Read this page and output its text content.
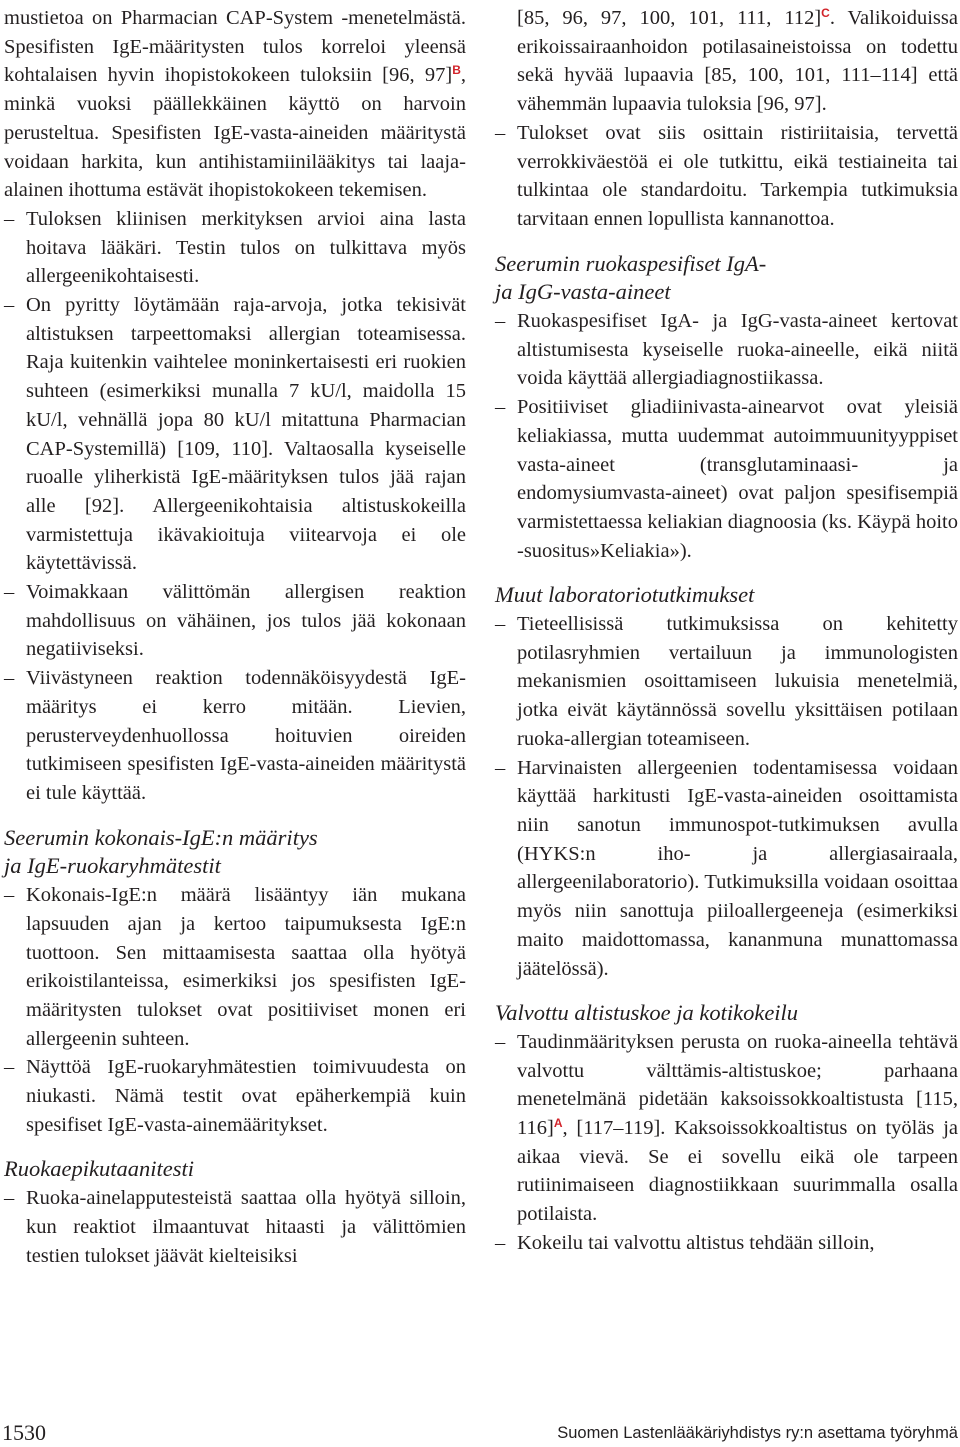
mustietoa on Pharmacian CAP-System -menetelmästä. Spesifisten IgE-määritysten tulos korreloi yleensä kohtalaisen hyvin ihopistokokeen tuloksiin [96, 97]$^B$, minkä vuoksi päällekkäinen käyttö on harvoin perusteltua. Spesifisten IgE-vasta-aineiden määritystä voidaan harkita, kun antihistamiinilääkitys tai laaja-alainen ihottuma estävät ihopistokokeen tekemisen.

– Tuloksen kliinisen merkityksen arvioi aina lasta hoitava lääkäri. Testin tulos on tulkittava myös allergeenikohtaisesti.
– On pyritty löytämään raja-arvoja, jotka tekisivät altistuksen tarpeettomaksi allergian toteamisessa. Raja kuitenkin vaihtelee moninkertaisesti eri ruokien suhteen (esimerkiksi munalla 7 kU/l, maidolla 15 kU/l, vehnällä jopa 80 kU/l mitattuna Pharmacian CAP-Systemillä) [109, 110]. Valtaosalla kyseiselle ruoalle yliherkistä IgE-määrityksen tulos jää rajan alle [92]. Allergeenikohtaisia altistuskokeilla varmistettuja ikävakioituja viitearvoja ei ole käytettävissä.
– Voimakkaan välittömän allergisen reaktion mahdollisuus on vähäinen, jos tulos jää kokonaan negatiiviseksi.
– Viivästyneen reaktion todennäköisyydestä IgE-määritys ei kerro mitään. Lievien, perusterveydenhuollossa hoituvien oireiden tutkimiseen spesifisten IgE-vasta-aineiden määritystä ei tule käyttää.
Seerumin kokonais-IgE:n määritys
ja IgE-ruokaryhmätestit
– Kokonais-IgE:n määrä lisääntyy iän mukana lapsuuden ajan ja kertoo taipumuksesta IgE:n tuottoon. Sen mittaamisesta saattaa olla hyötyä erikoistilanteissa, esimerkiksi jos spesifisten IgE-määritysten tulokset ovat positiiviset monen eri allergeenin suhteen.
– Näyttöä IgE-ruokaryhmätestien toimivuudesta on niukasti. Nämä testit ovat epäherkempiä kuin spesifiset IgE-vasta-ainemääritykset.
Ruokaepikutaanitesti
– Ruoka-ainelapputesteistä saattaa olla hyötyä silloin, kun reaktiot ilmaantuvat hitaasti ja välittömien testien tulokset jäävät kielteisiksi

[85, 96, 97, 100, 101, 111, 112]$^C$. Valikoiduissa erikoissairaanhoidon potilasaineistoissa on todettu sekä hyvää lupaavia [85, 100, 101, 111–114] että vähemmän lupaavia tuloksia [96, 97].

– Tulokset ovat siis osittain ristiriitaisia, tervettä verrokkiväestöä ei ole tutkittu, eikä testiaineita tai tulkintaa ole standardoitu. Tarkempia tutkimuksia tarvitaan ennen lopullista kannanottoa.
Seerumin ruokaspesifiset IgA-
ja IgG-vasta-aineet
– Ruokaspesifiset IgA- ja IgG-vasta-aineet kertovat altistumisesta kyseiselle ruoka-aineelle, eikä niitä voida käyttää allergiadiagnostiikassa.
– Positiiviset gliadiinivasta-ainearvot ovat yleisiä keliakiassa, mutta uudemmat autoimmuunityyppiset vasta-aineet (transglutaminaasi- ja endomysiumvasta-aineet) ovat paljon spesifisempiä varmistettaessa keliakian diagnoosia (ks. Käypä hoito -suositus»Keliakia»).
Muut laboratoriotutkimukset
– Tieteellisissä tutkimuksissa on kehitetty potilasryhmien vertailuun ja immunologisten mekanismien osoittamiseen lukuisia menetelmiä, jotka eivät käytännössä sovellu yksittäisen potilaan ruoka-allergian toteamiseen.
– Harvinaisten allergeenien todentamisessa voidaan käyttää harkitusti IgE-vasta-aineiden osoittamista niin sanotun immunospot-tutkimuksen avulla (HYKS:n iho- ja allergiasairaala, allergeenilaboratorio). Tutkimuksilla voidaan osoittaa myös niin sanottuja piiloallergeeneja (esimerkiksi maito maidottomassa, kananmuna munattomassa jäätelössä).
Valvottu altistuskoe ja kotikokeilu
– Taudinmäärityksen perusta on ruoka-aineella tehtävä valvottu välttämis-altistuskoe; parhaana menetelmänä pidetään kaksoissokkoaltistusta [115, 116]$^A$, [117–119]. Kaksoissokkoaltistus on työläs ja aikaa vievä. Se ei sovellu eikä ole tarpeen rutiinimaiseen diagnostiikkaan suurimmalla osalla potilaista.
– Kokeilu tai valvottu altistus tehdään silloin,
1530	Suomen Lastenlääkäriyhdistys ry:n asettama työryhmä
